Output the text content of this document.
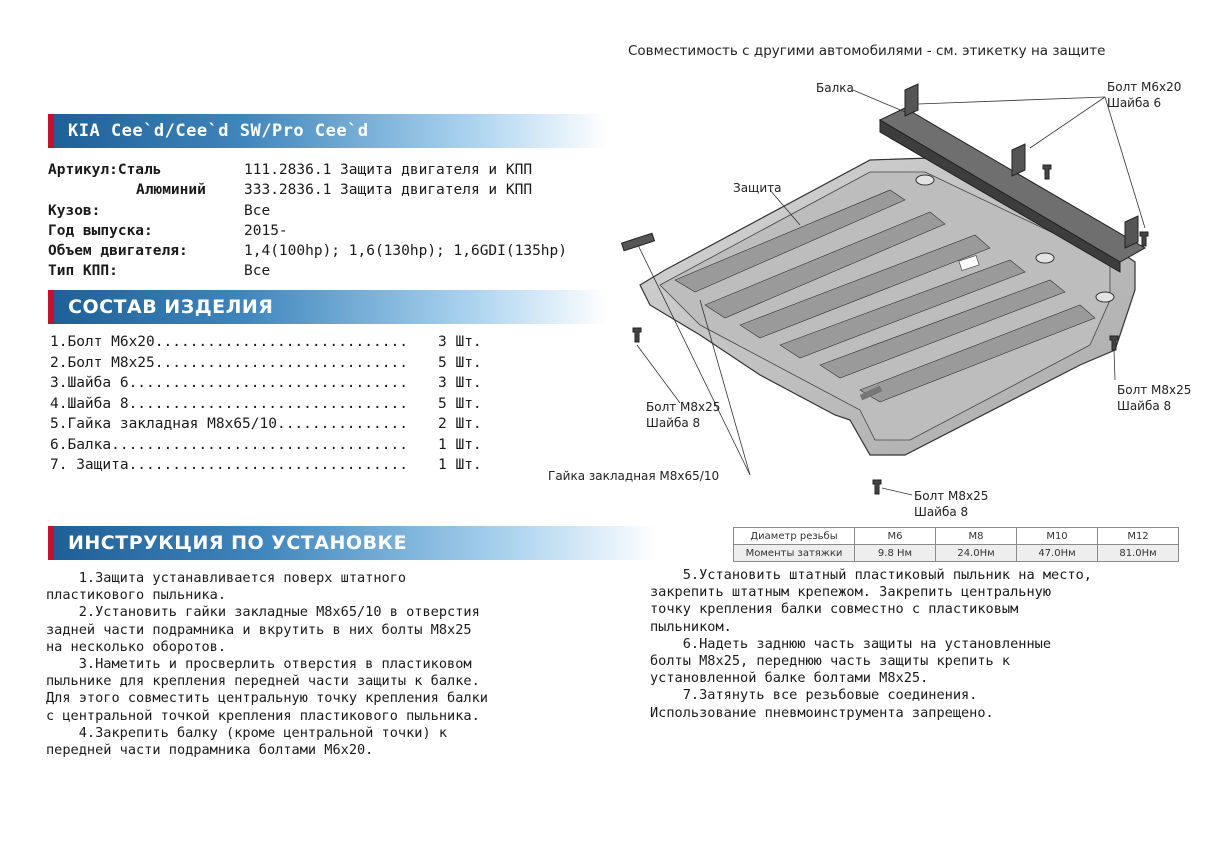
Совместимость с другими автомобилями - см. этикетку на защите
KIA Cee`d/Cee`d SW/Pro Cee`d
Артикул:Сталь	111.2836.1 Защита двигателя и КПП
Алюминий	333.2836.1 Защита двигателя и КПП
Кузов:	Все
Год выпуска:	2015-
Объем двигателя:	1,4(100hp); 1,6(130hp); 1,6GDI(135hp)
Тип КПП:	Все
СОСТАВ ИЗДЕЛИЯ
1.Болт М6х20............................. 3 Шт.
2.Болт М8х25............................. 5 Шт.
3.Шайба 6................................ 3 Шт.
4.Шайба 8................................ 5 Шт.
5.Гайка закладная М8х65/10............... 2 Шт.
6.Балка.................................. 1 Шт.
7. Защита................................ 1 Шт.
ИНСТРУКЦИЯ ПО УСТАНОВКЕ
1.Защита устанавливается поверх штатного
пластикового пыльника.
2.Установить гайки закладные М8х65/10 в отверстия
задней части подрамника и вкрутить в них болты М8х25
на несколько оборотов.
3.Наметить и просверлить отверстия в пластиковом
пыльнике для крепления передней части защиты к балке.
Для этого совместить центральную точку крепления балки
с центральной точкой крепления пластикового пыльника.
4.Закрепить балку (кроме центральной точки) к
передней части подрамника болтами М6х20.
5.Установить штатный пластиковый пыльник на место,
закрепить штатным крепежом. Закрепить центральную
точку крепления балки совместно с пластиковым
пыльником.
6.Надеть заднюю часть защиты на установленные
болты М8х25, переднюю часть защиты крепить к
установленной балке болтами М8х25.
7.Затянуть все резьбовые соединения.
Использование пневмоинструмента запрещено.
Балка	Болт М6х20
Шайба 6
Защита
Болт М8х25
Шайба 8
Болт М8х25
Шайба 8
Гайка закладная М8х65/10
Болт М8х25
Шайба 8
Диаметр резьбы	М6	М8	М10	М12
Моменты затяжки	9.8 Нм	24.0Нм	47.0Нм	81.0Нм
